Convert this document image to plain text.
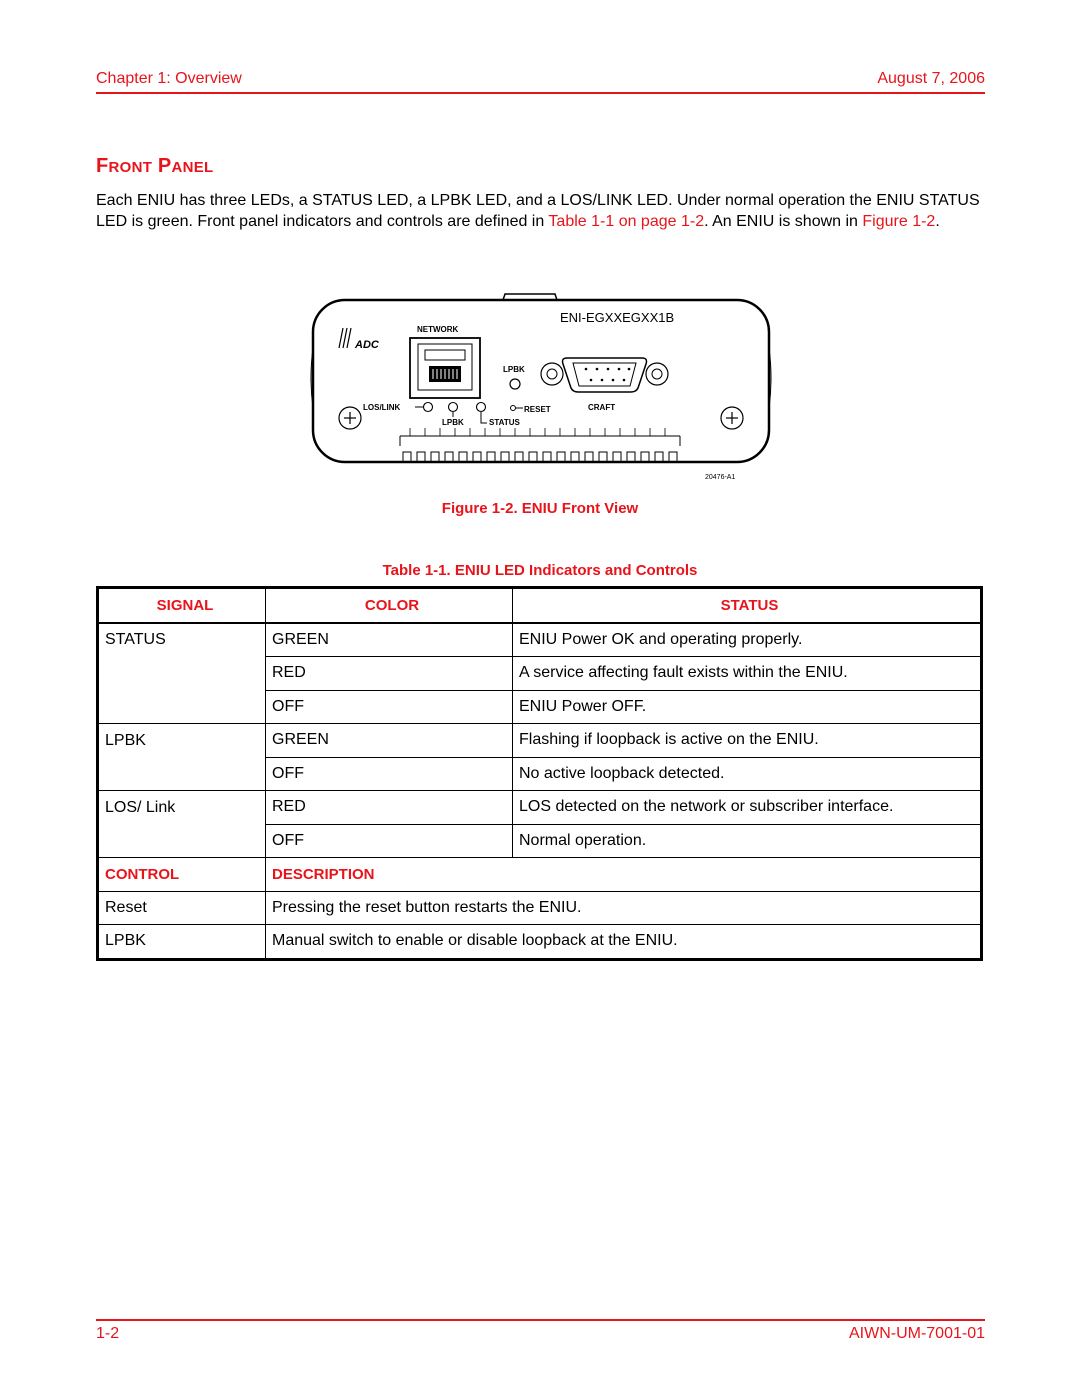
Chapter 1: Overview	August 7, 2006
FRONT PANEL
Each ENIU has three LEDs, a STATUS LED, a LPBK LED, and a LOS/LINK LED. Under normal operation the ENIU STATUS LED is green. Front panel indicators and controls are defined in Table 1-1 on page 1-2. An ENIU is shown in Figure 1-2.
ENI-EGXXEGXX1B
ADC
NETWORK
LPBK
CRAFT
LOS/LINK	RESET
LPBK	STATUS
20476-A1
Figure 1-2. ENIU Front View
Table 1-1. ENIU LED Indicators and Controls
SIGNAL	COLOR	STATUS
STATUS	GREEN	ENIU Power OK and operating properly.
	RED	A service affecting fault exists within the ENIU.
	OFF	ENIU Power OFF.
LPBK	GREEN	Flashing if loopback is active on the ENIU.
	OFF	No active loopback detected.
LOS/ Link	RED	LOS detected on the network or subscriber interface.
	OFF	Normal operation.
CONTROL	DESCRIPTION	
Reset	Pressing the reset button restarts the ENIU.	
LPBK	Manual switch to enable or disable loopback at the ENIU.	
1-2	AIWN-UM-7001-01
